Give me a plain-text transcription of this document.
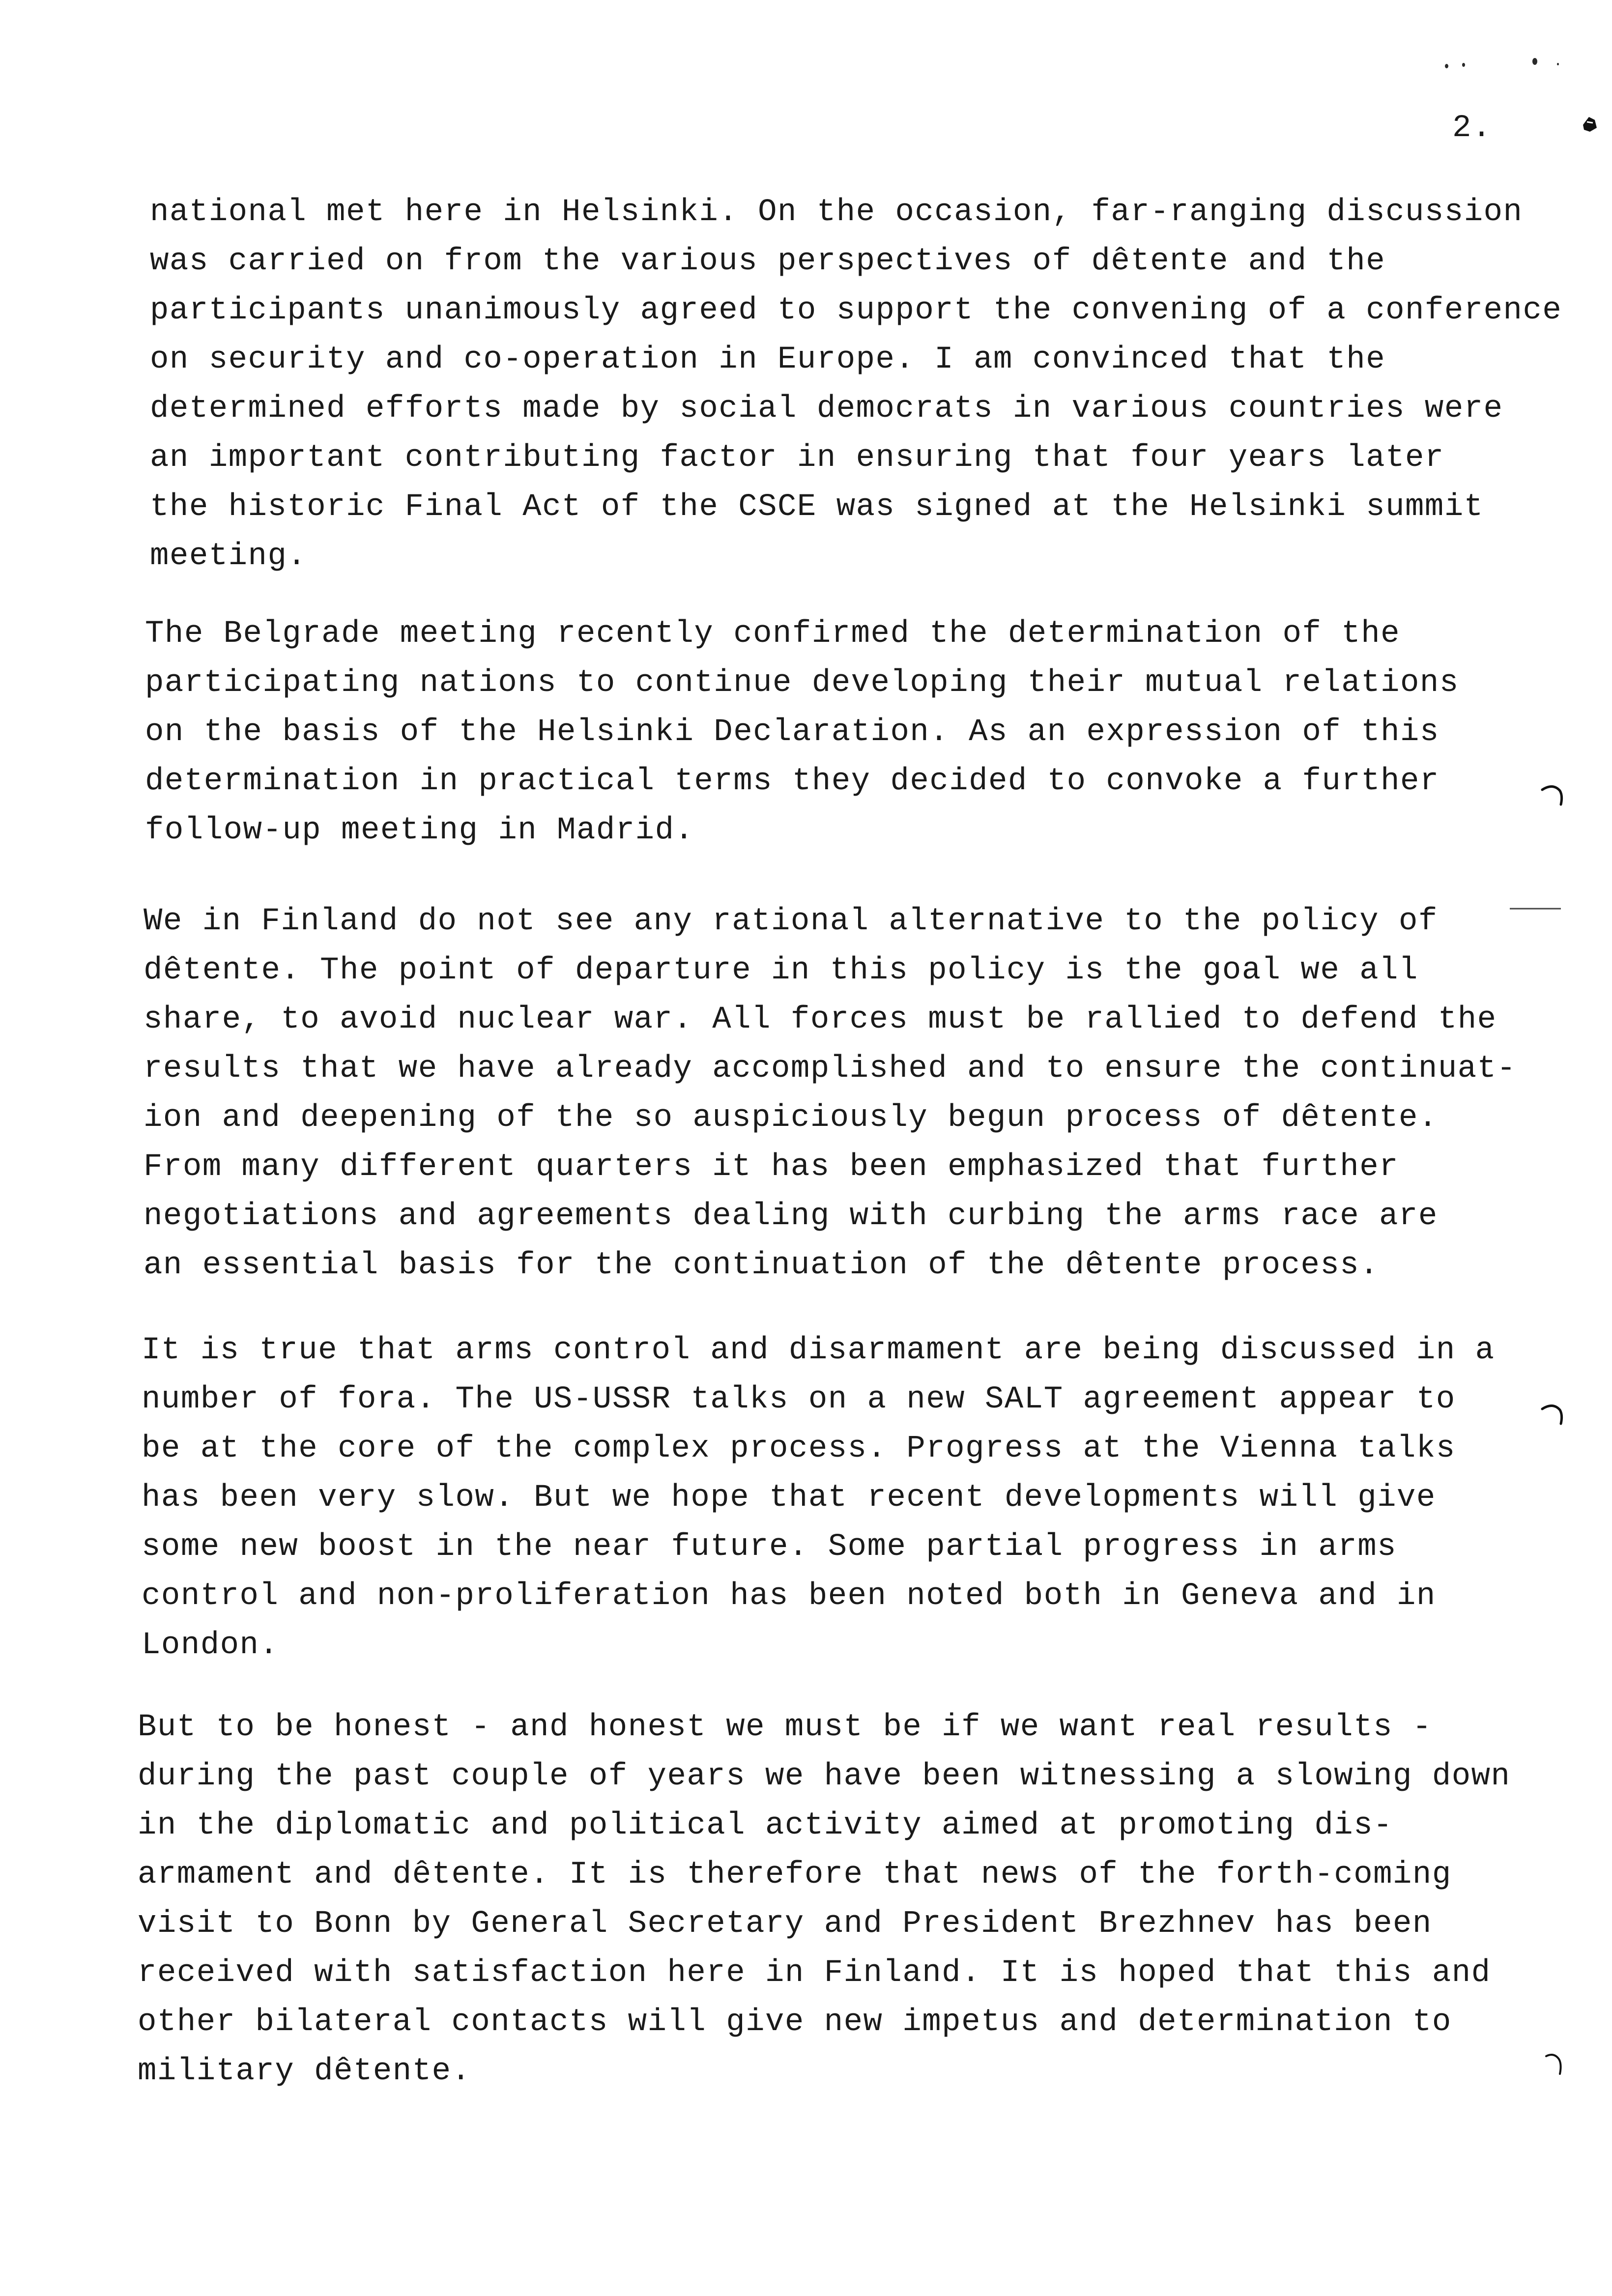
2.
national met here in Helsinki. On the occasion, far-ranging discussion
was carried on from the various perspectives of dêtente and the
participants unanimously agreed to support the convening of a conference
on security and co-operation in Europe. I am convinced that the
determined efforts made by social democrats in various countries were
an important contributing factor in ensuring that four years later
the historic Final Act of the CSCE was signed at the Helsinki summit
meeting.
The Belgrade meeting recently confirmed the determination of the
participating nations to continue developing their mutual relations
on the basis of the Helsinki Declaration. As an expression of this
determination in practical terms they decided to convoke a further
follow-up meeting in Madrid.
We in Finland do not see any rational alternative to the policy of
dêtente. The point of departure in this policy is the goal we all
share, to avoid nuclear war. All forces must be rallied to defend the
results that we have already accomplished and to ensure the continuat-
ion and deepening of the so auspiciously begun process of dêtente.
From many different quarters it has been emphasized that further
negotiations and agreements dealing with curbing the arms race are
an essential basis for the continuation of the dêtente process.
It is true that arms control and disarmament are being discussed in a
number of fora. The US-USSR talks on a new SALT agreement appear to
be at the core of the complex process. Progress at the Vienna talks
has been very slow. But we hope that recent developments will give
some new boost in the near future. Some partial progress in arms
control and non-proliferation has been noted both in Geneva and in
London.
But to be honest - and honest we must be if we want real results -
during the past couple of years we have been witnessing a slowing down
in the diplomatic and political activity aimed at promoting dis-
armament and dêtente. It is therefore that news of the forth-coming
visit to Bonn by General Secretary and President Brezhnev has been
received with satisfaction here in Finland. It is hoped that this and
other bilateral contacts will give new impetus and determination to
military dêtente.
